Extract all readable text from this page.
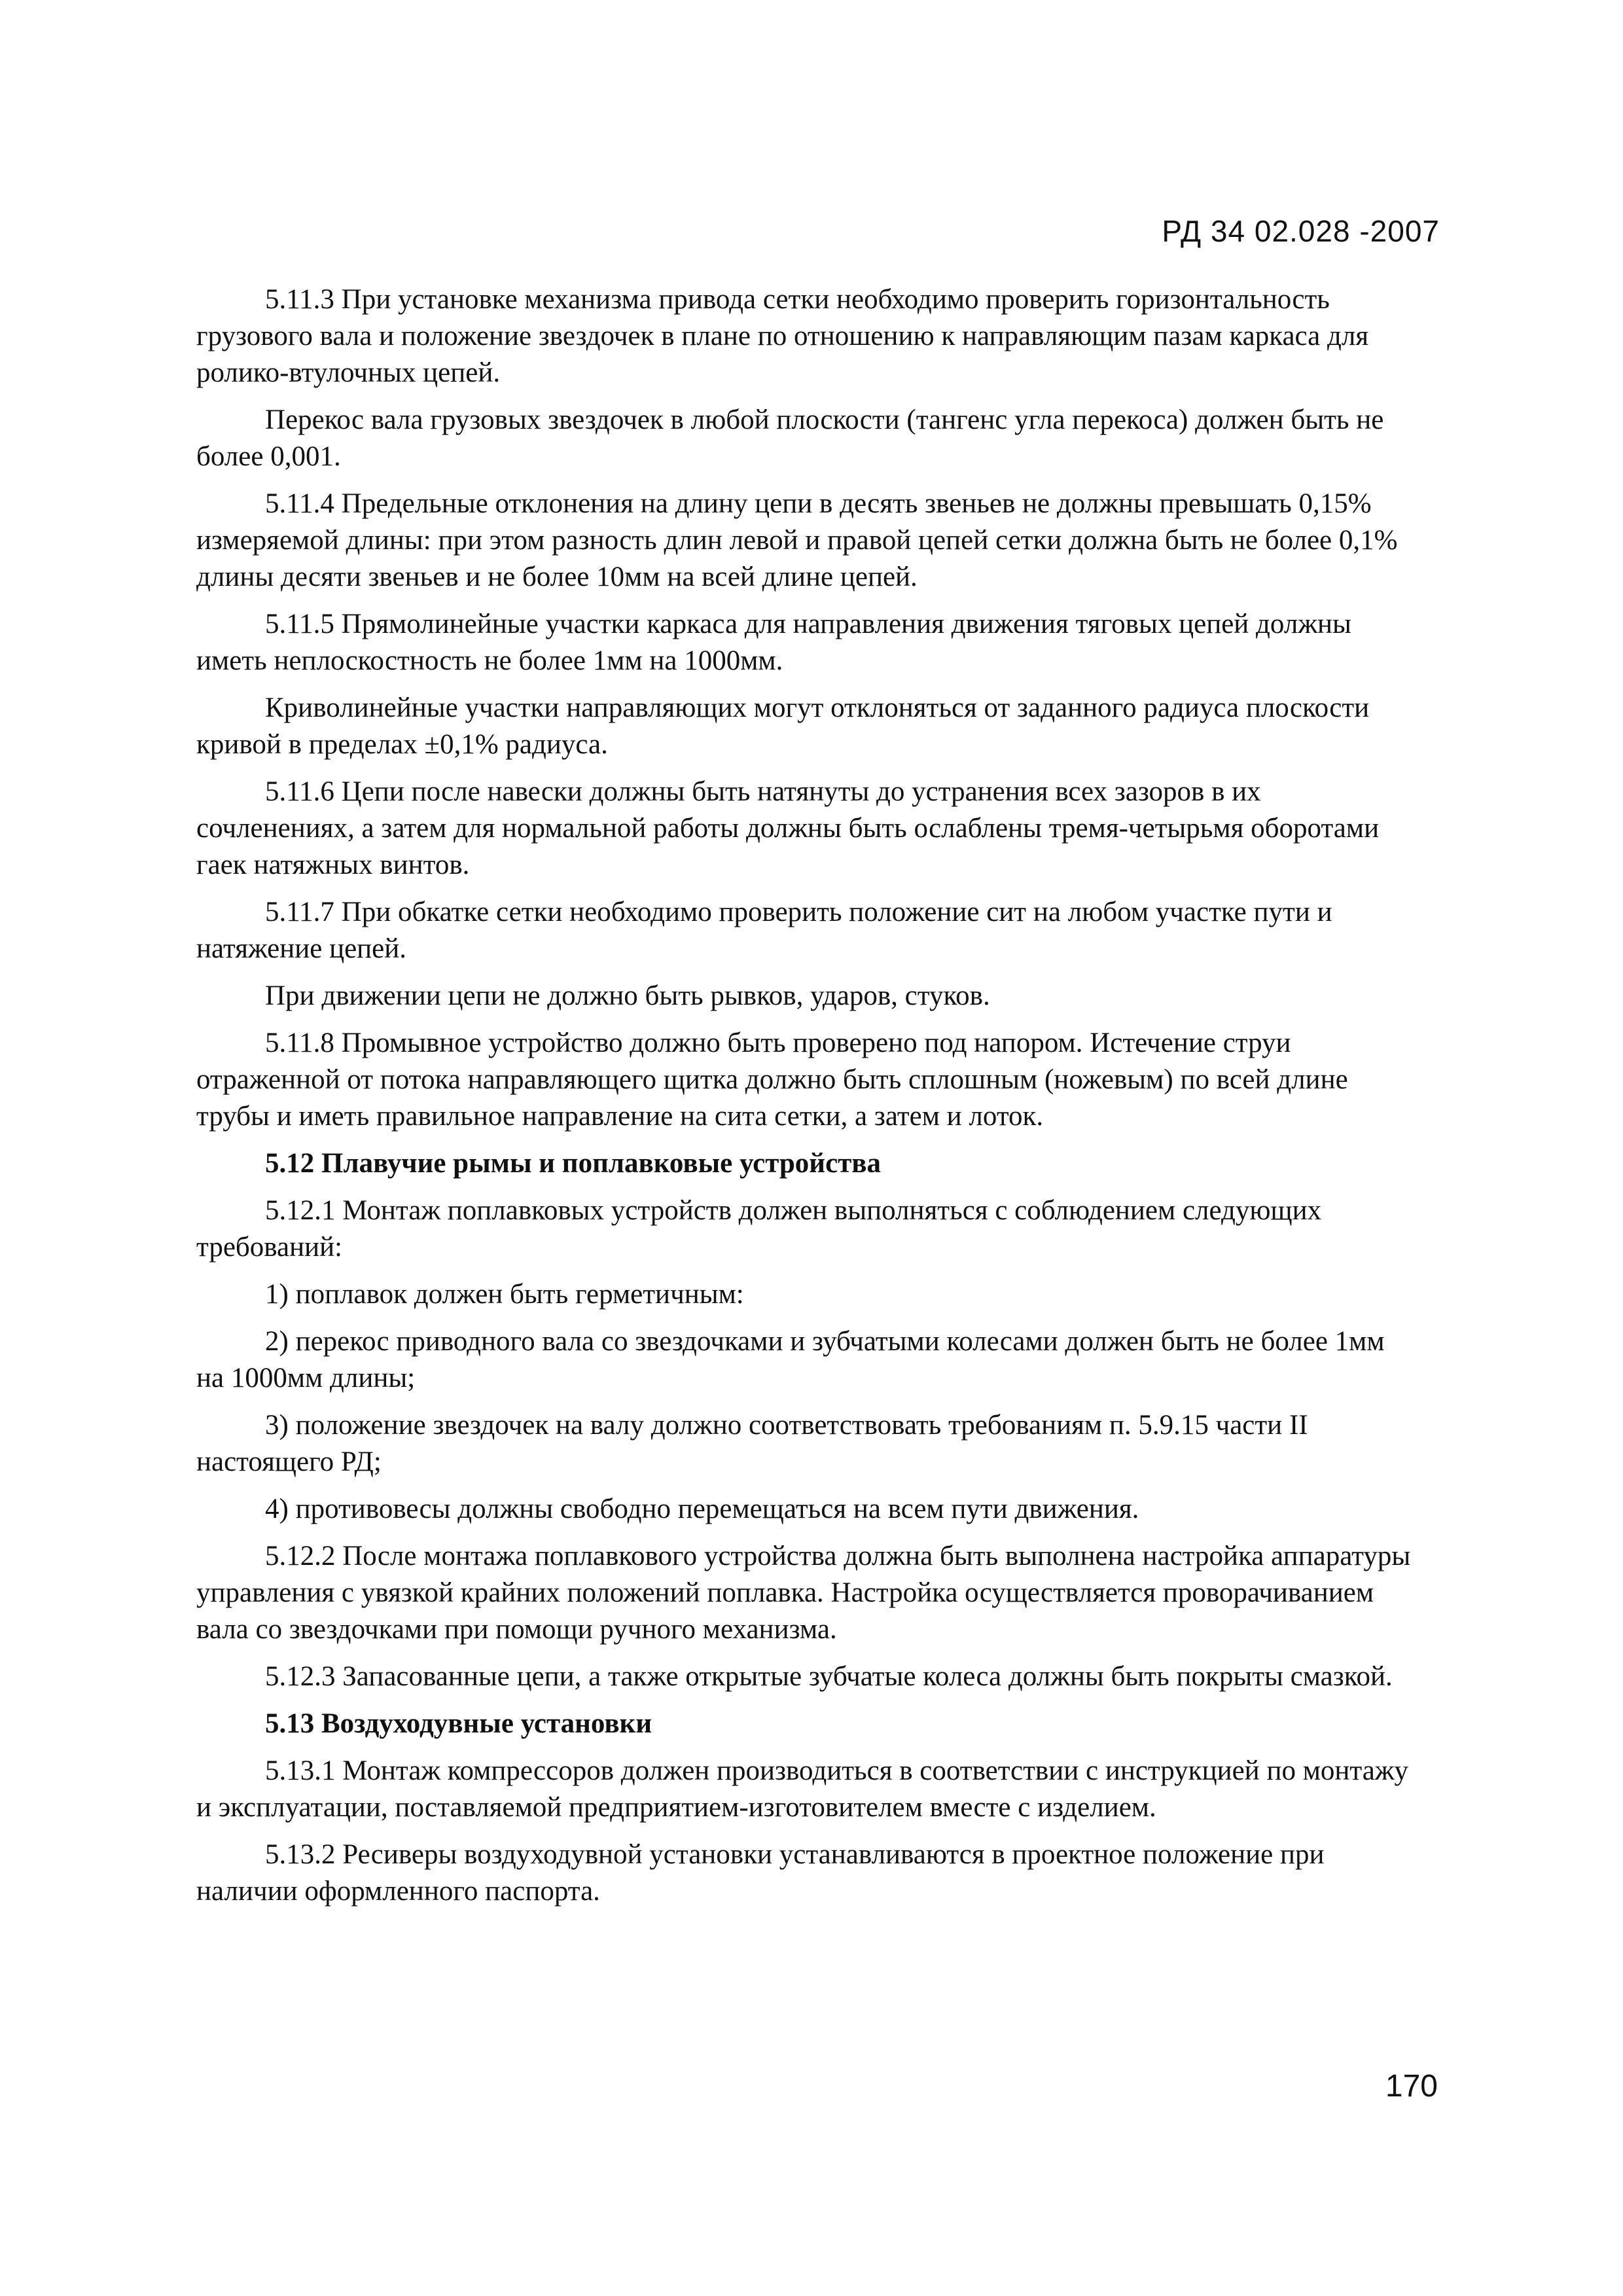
РД 34 02.028 -2007

5.11.3 При установке механизма привода сетки необходимо проверить горизонтальность грузового вала и положение звездочек в плане по отношению к направляющим пазам каркаса для ролико-втулочных цепей.

Перекос вала грузовых звездочек в любой плоскости (тангенс угла перекоса) должен быть не более 0,001.

5.11.4 Предельные отклонения на длину цепи в десять звеньев не должны превышать 0,15% измеряемой длины: при этом разность длин левой и правой цепей сетки должна быть не более 0,1% длины десяти звеньев и не более 10мм на всей длине цепей.

5.11.5 Прямолинейные участки каркаса для направления движения тяговых цепей должны иметь неплоскостность не более 1мм на 1000мм.

Криволинейные участки направляющих могут отклоняться от заданного радиуса плоскости кривой в пределах ±0,1% радиуса.

5.11.6 Цепи после навески должны быть натянуты до устранения всех зазоров в их сочленениях, а затем для нормальной работы должны быть ослаблены тремя-четырьмя оборотами гаек натяжных винтов.

5.11.7 При обкатке сетки необходимо проверить положение сит на любом участке пути и натяжение цепей.

При движении цепи не должно быть рывков, ударов, стуков.

5.11.8 Промывное устройство должно быть проверено под напором. Истечение струи отраженной от потока направляющего щитка должно быть сплошным (ножевым) по всей длине трубы и иметь правильное направление на сита сетки, а затем и лоток.

5.12 Плавучие рымы и поплавковые устройства

5.12.1 Монтаж поплавковых устройств должен выполняться с соблюдением следующих требований:

1) поплавок должен быть герметичным:

2) перекос приводного вала со звездочками и зубчатыми колесами должен быть не более 1мм на 1000мм длины;

3) положение звездочек на валу должно соответствовать требованиям п. 5.9.15 части II настоящего РД;

4) противовесы должны свободно перемещаться на всем пути движения.

5.12.2 После монтажа поплавкового устройства должна быть выполнена настройка аппаратуры управления с увязкой крайних положений поплавка. Настройка осуществляется проворачиванием вала со звездочками при помощи ручного механизма.

5.12.3 Запасованные цепи, а также открытые зубчатые колеса должны быть покрыты смазкой.

5.13 Воздуходувные установки

5.13.1 Монтаж компрессоров должен производиться в соответствии с инструкцией по монтажу и эксплуатации, поставляемой предприятием-изготовителем вместе с изделием.

5.13.2 Ресиверы воздуходувной установки устанавливаются в проектное положение при наличии оформленного паспорта.

170
